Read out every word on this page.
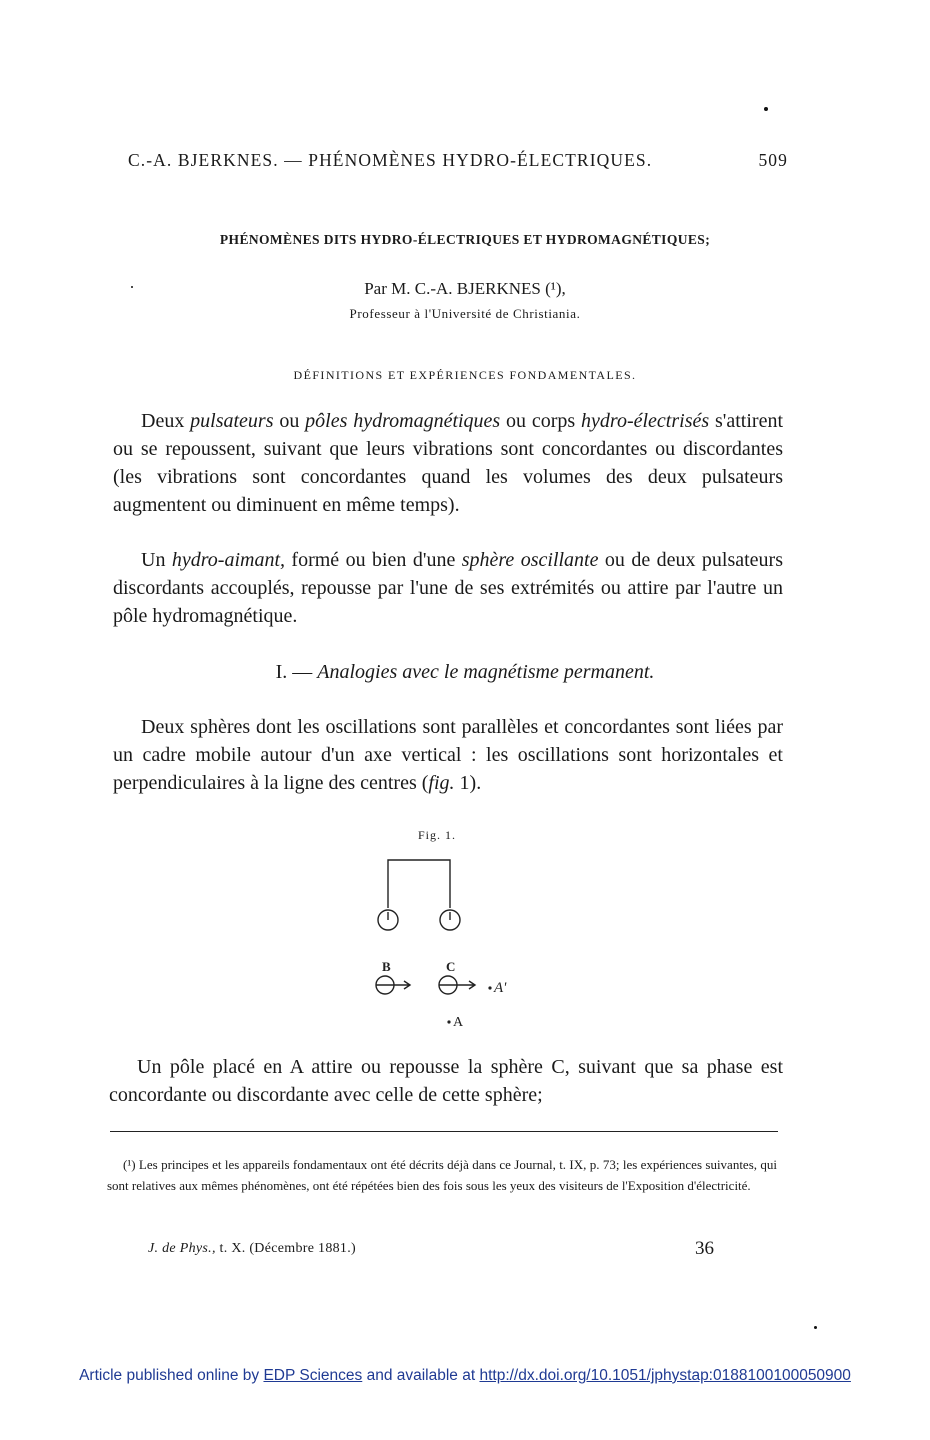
C.-A. BJERKNES. — PHÉNOMÈNES HYDRO-ÉLECTRIQUES.	509
PHÉNOMÈNES DITS HYDRO-ÉLECTRIQUES ET HYDROMAGNÉTIQUES;
Par M. C.-A. BJERKNES (¹),
Professeur à l'Université de Christiania.
DÉFINITIONS ET EXPÉRIENCES FONDAMENTALES.
Deux pulsateurs ou pôles hydromagnétiques ou corps hydro-électrisés s'attirent ou se repoussent, suivant que leurs vibrations sont concordantes ou discordantes (les vibrations sont concordantes quand les volumes des deux pulsateurs augmentent ou diminuent en même temps).
Un hydro-aimant, formé ou bien d'une sphère oscillante ou de deux pulsateurs discordants accouplés, repousse par l'une de ses extrémités ou attire par l'autre un pôle hydromagnétique.
I. — Analogies avec le magnétisme permanent.
Deux sphères dont les oscillations sont parallèles et concordantes sont liées par un cadre mobile autour d'un axe vertical : les oscillations sont horizontales et perpendiculaires à la ligne des centres (fig. 1).
Fig. 1.
B	C
A'
A
Un pôle placé en A attire ou repousse la sphère C, suivant que sa phase est concordante ou discordante avec celle de cette sphère;
(¹) Les principes et les appareils fondamentaux ont été décrits déjà dans ce Journal, t. IX, p. 73; les expériences suivantes, qui sont relatives aux mêmes phénomènes, ont été répétées bien des fois sous les yeux des visiteurs de l'Exposition d'électricité.
J. de Phys., t. X. (Décembre 1881.)	36
Article published online by EDP Sciences and available at http://dx.doi.org/10.1051/jphystap:0188100100050900
